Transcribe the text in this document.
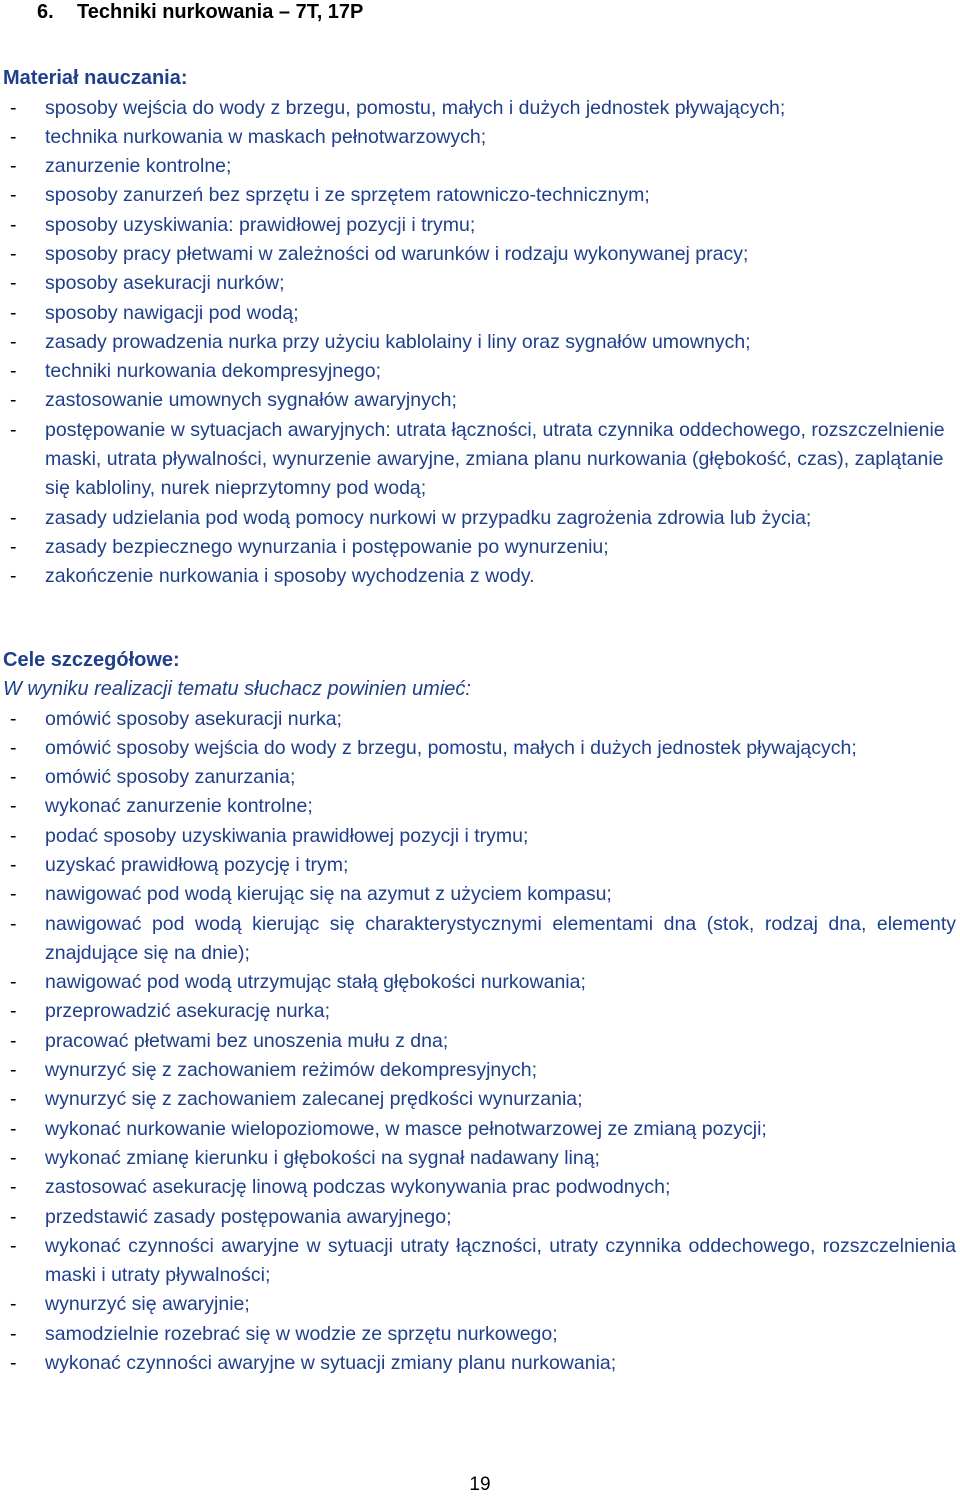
6. Techniki nurkowania – 7T, 17P
Materiał nauczania:
- sposoby wejścia do wody z brzegu, pomostu, małych i dużych jednostek pływających;
- technika nurkowania w maskach pełnotwarzowych;
- zanurzenie kontrolne;
- sposoby zanurzeń bez sprzętu i ze sprzętem ratowniczo-technicznym;
- sposoby uzyskiwania: prawidłowej pozycji i trymu;
- sposoby pracy płetwami w zależności od warunków i rodzaju wykonywanej pracy;
- sposoby asekuracji nurków;
- sposoby nawigacji pod wodą;
- zasady prowadzenia nurka przy użyciu kablolainy i liny oraz sygnałów umownych;
- techniki nurkowania dekompresyjnego;
- zastosowanie umownych sygnałów awaryjnych;
- postępowanie w sytuacjach awaryjnych: utrata łączności, utrata czynnika oddechowego, rozszczelnienie maski, utrata pływalności, wynurzenie awaryjne, zmiana planu nurkowania (głębokość, czas), zaplątanie się kabloliny, nurek nieprzytomny pod wodą;
- zasady udzielania pod wodą pomocy nurkowi w przypadku zagrożenia zdrowia lub życia;
- zasady bezpiecznego wynurzania i postępowanie po wynurzeniu;
- zakończenie nurkowania i sposoby wychodzenia z wody.
Cele szczegółowe:
W wyniku realizacji tematu słuchacz powinien umieć:
- omówić sposoby asekuracji nurka;
- omówić sposoby wejścia do wody z brzegu, pomostu, małych i dużych jednostek pływających;
- omówić sposoby zanurzania;
- wykonać zanurzenie kontrolne;
- podać sposoby uzyskiwania prawidłowej pozycji i trymu;
- uzyskać prawidłową pozycję i trym;
- nawigować pod wodą kierując się na azymut z użyciem kompasu;
- nawigować pod wodą kierując się charakterystycznymi elementami dna (stok, rodzaj dna, elementy znajdujące się na dnie);
- nawigować pod wodą utrzymując stałą głębokości nurkowania;
- przeprowadzić asekurację nurka;
- pracować płetwami bez unoszenia mułu z dna;
- wynurzyć się z zachowaniem reżimów dekompresyjnych;
- wynurzyć się z zachowaniem zalecanej prędkości wynurzania;
- wykonać nurkowanie wielopoziomowe, w masce pełnotwarzowej ze zmianą pozycji;
- wykonać zmianę kierunku i głębokości na sygnał nadawany liną;
- zastosować asekurację linową podczas wykonywania prac podwodnych;
- przedstawić zasady postępowania awaryjnego;
- wykonać czynności awaryjne w sytuacji utraty łączności, utraty czynnika oddechowego, rozszczelnienia maski i utraty pływalności;
- wynurzyć się awaryjnie;
- samodzielnie rozebrać się w wodzie ze sprzętu nurkowego;
- wykonać czynności awaryjne w sytuacji zmiany planu nurkowania;
19
